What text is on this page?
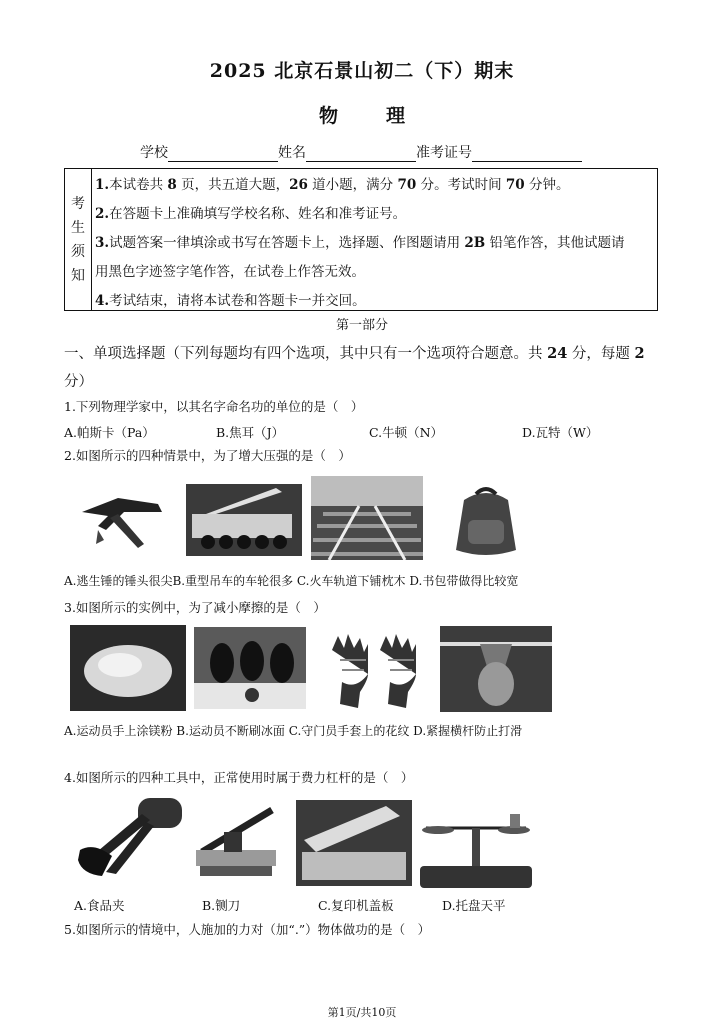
2025 北京石景山初二（下）期末
物	理
学校	姓名	准考证号
考
生
须
知
1.本试卷共 8 页，共五道大题，26 道小题，满分 70 分。考试时间 70 分钟。
2.在答题卡上准确填写学校名称、姓名和准考证号。
3.试题答案一律填涂或书写在答题卡上，选择题、作图题请用 2B 铅笔作答，其他试题请
用黑色字迹签字笔作答，在试卷上作答无效。
4.考试结束，请将本试卷和答题卡一并交回。
第一部分
一、单项选择题（下列每题均有四个选项，其中只有一个选项符合题意。共 24 分，每题 2
分）
1.下列物理学家中，以其名字命名功的单位的是（　）
A.帕斯卡（Pa）	B.焦耳（J）	C.牛顿（N）	D.瓦特（W）
2.如图所示的四种情景中，为了增大压强的是（　）
A.逃生锤的锤头很尖B.重型吊车的车轮很多 C.火车轨道下铺枕木 D.书包带做得比较宽
3.如图所示的实例中，为了减小摩擦的是（　）
A.运动员手上涂镁粉 B.运动员不断刷冰面 C.守门员手套上的花纹 D.紧握横杆防止打滑
4.如图所示的四种工具中，正常使用时属于费力杠杆的是（　）
A.食品夹	B.铡刀	C.复印机盖板	D.托盘天平
5.如图所示的情境中，人施加的力对（加“.”）物体做功的是（　）
第1页/共10页
